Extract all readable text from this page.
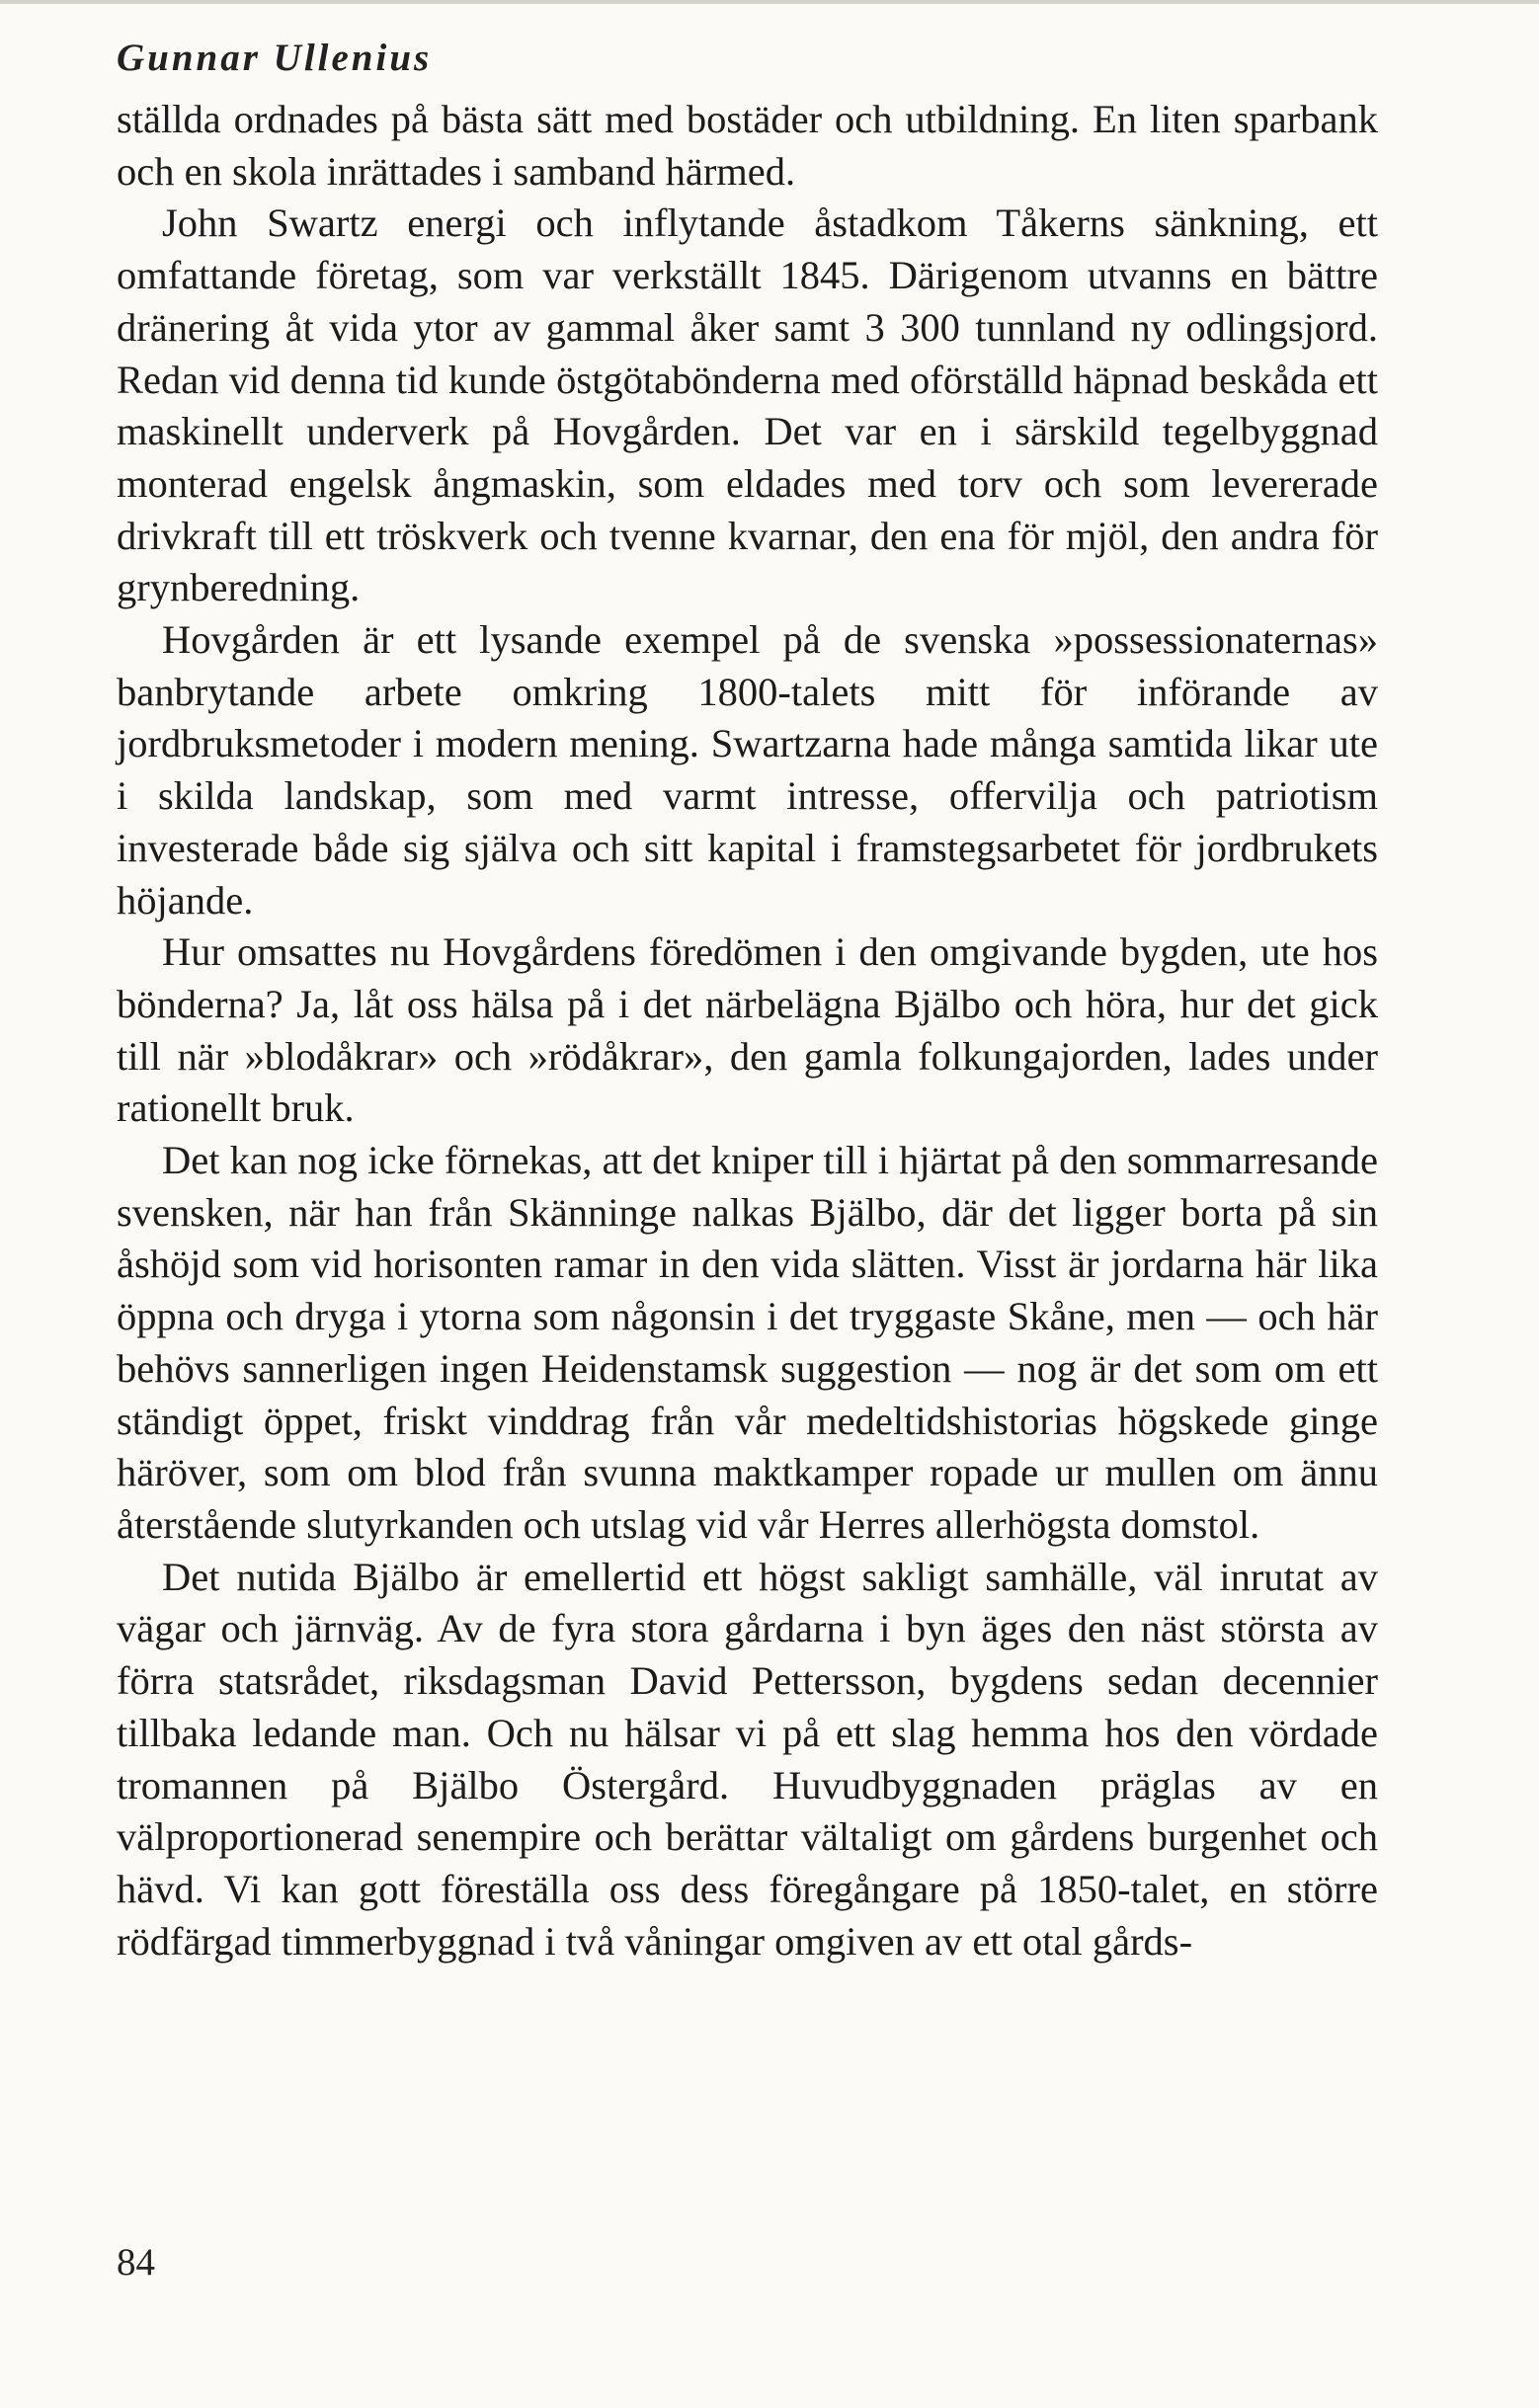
Gunnar Ullenius

ställda ordnades på bästa sätt med bostäder och utbildning. En liten sparbank och en skola inrättades i samband härmed.

John Swartz energi och inflytande åstadkom Tåkerns sänkning, ett omfattande företag, som var verkställt 1845. Därigenom utvanns en bättre dränering åt vida ytor av gammal åker samt 3 300 tunnland ny odlingsjord. Redan vid denna tid kunde östgötabönderna med oförställd häpnad beskåda ett maskinellt underverk på Hovgården. Det var en i särskild tegelbyggnad monterad engelsk ångmaskin, som eldades med torv och som levererade drivkraft till ett tröskverk och tvenne kvarnar, den ena för mjöl, den andra för grynberedning.

Hovgården är ett lysande exempel på de svenska »possessionaternas» banbrytande arbete omkring 1800-talets mitt för införande av jordbruksmetoder i modern mening. Swartzarna hade många samtida likar ute i skilda landskap, som med varmt intresse, offervilja och patriotism investerade både sig själva och sitt kapital i framstegsarbetet för jordbrukets höjande.

Hur omsattes nu Hovgårdens föredömen i den omgivande bygden, ute hos bönderna? Ja, låt oss hälsa på i det närbelägna Bjälbo och höra, hur det gick till när »blodåkrar» och »rödåkrar», den gamla folkungajorden, lades under rationellt bruk.

Det kan nog icke förnekas, att det kniper till i hjärtat på den sommarresande svensken, när han från Skänninge nalkas Bjälbo, där det ligger borta på sin åshöjd som vid horisonten ramar in den vida slätten. Visst är jordarna här lika öppna och dryga i ytorna som någonsin i det tryggaste Skåne, men — och här behövs sannerligen ingen Heidenstamsk suggestion — nog är det som om ett ständigt öppet, friskt vinddrag från vår medeltidshistorias högskede ginge häröver, som om blod från svunna maktkamper ropade ur mullen om ännu återstående slutyrkanden och utslag vid vår Herres allerhögsta domstol.

Det nutida Bjälbo är emellertid ett högst sakligt samhälle, väl inrutat av vägar och järnväg. Av de fyra stora gårdarna i byn äges den näst största av förra statsrådet, riksdagsman David Pettersson, bygdens sedan decennier tillbaka ledande man. Och nu hälsar vi på ett slag hemma hos den vördade tromannen på Bjälbo Östergård. Huvudbyggnaden präglas av en välproportionerad senempire och berättar vältaligt om gårdens burgenhet och hävd. Vi kan gott föreställa oss dess föregångare på 1850-talet, en större rödfärgad timmerbyggnad i två våningar omgiven av ett otal gårds-

84
